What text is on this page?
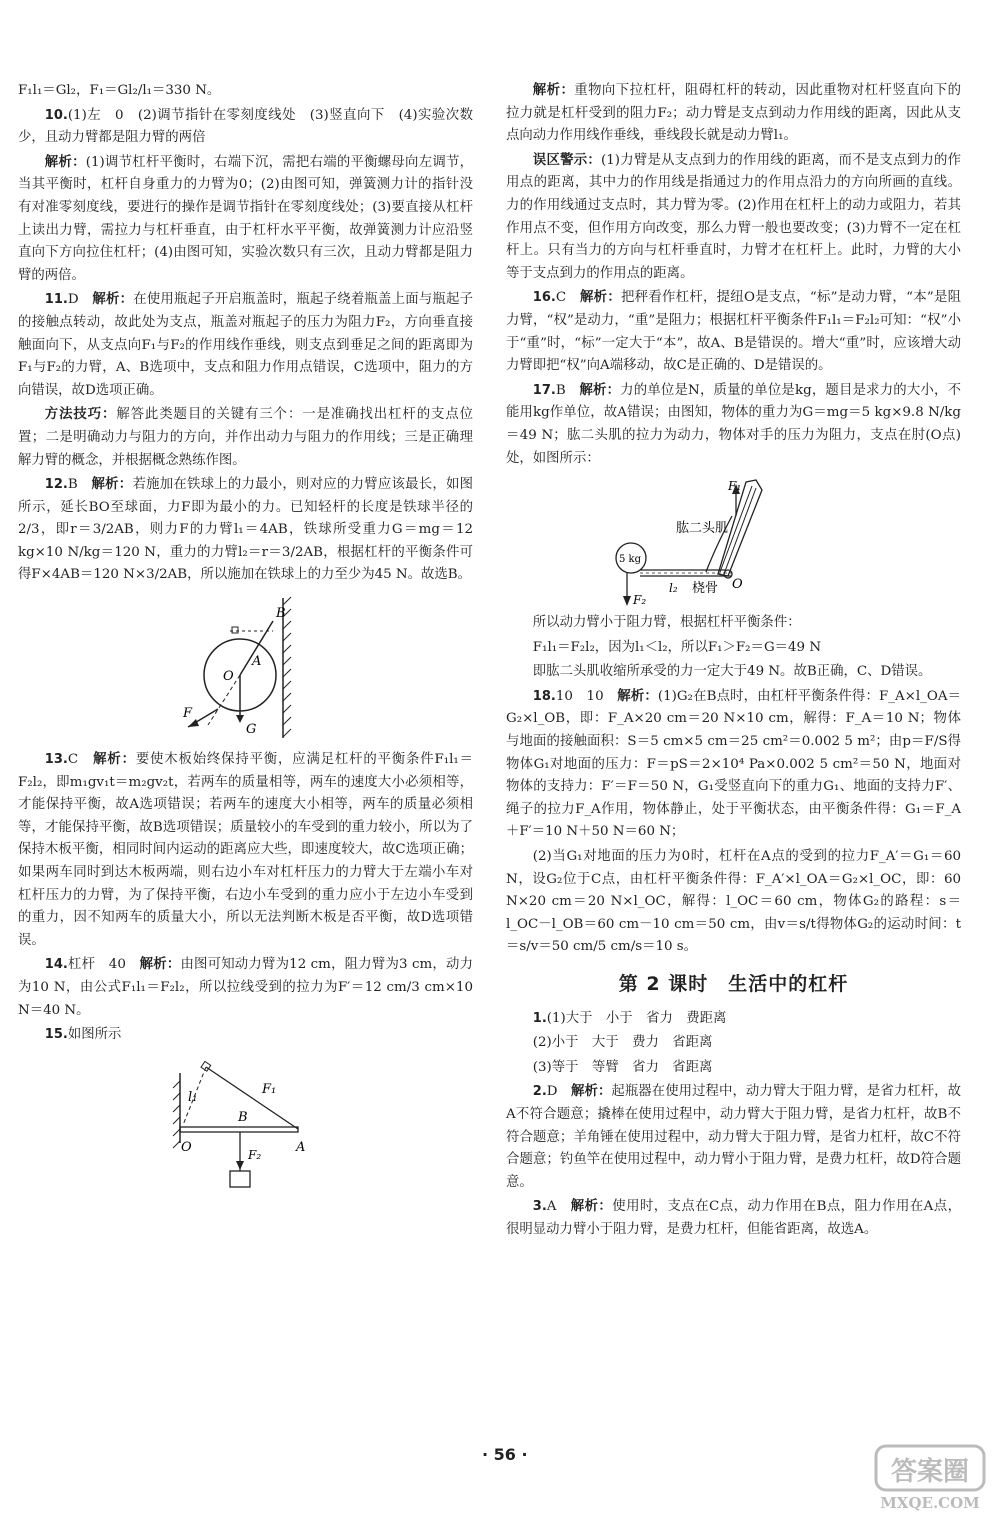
F₁l₁＝Gl₂，F₁＝Gl₂/l₁＝330 N。

10.(1)左　0　(2)调节指针在零刻度线处　(3)竖直向下　(4)实验次数少，且动力臂都是阻力臂的两倍

解析：(1)调节杠杆平衡时，右端下沉，需把右端的平衡螺母向左调节，当其平衡时，杠杆自身重力的力臂为0；(2)由图可知，弹簧测力计的指针没有对准零刻度线，要进行的操作是调节指针在零刻度线处；(3)要直接从杠杆上读出力臂，需拉力与杠杆垂直，由于杠杆水平平衡，故弹簧测力计应沿竖直向下方向拉住杠杆；(4)由图可知，实验次数只有三次，且动力臂都是阻力臂的两倍。

11.D　 解析：在使用瓶起子开启瓶盖时，瓶起子绕着瓶盖上面与瓶起子的接触点转动，故此处为支点，瓶盖对瓶起子的压力为阻力F₂，方向垂直接触面向下，从支点向F₁与F₂的作用线作垂线，则支点到垂足之间的距离即为F₁与F₂的力臂，A、B选项中，支点和阻力作用点错误，C选项中，阻力的方向错误，故D选项正确。

方法技巧：解答此类题目的关键有三个：一是准确找出杠杆的支点位置；二是明确动力与阻力的方向，并作出动力与阻力的作用线；三是正确理解力臂的概念，并根据概念熟练作图。

12.B　 解析：若施加在铁球上的力最小，则对应的力臂应该最长，如图所示，延长BO至球面，力F即为最小的力。已知轻杆的长度是铁球半径的2/3，即r＝3/2AB，则力F的力臂l₁＝4AB，铁球所受重力G＝mg＝12 kg×10 N/kg＝120 N，重力的力臂l₂＝r＝3/2AB，根据杠杆的平衡条件可得F×4AB＝120 N×3/2AB，所以施加在铁球上的力至少为45 N。故选B。

B
O
A
F
G

13.C　 解析：要使木板始终保持平衡，应满足杠杆的平衡条件F₁l₁＝F₂l₂，即m₁gv₁t＝m₂gv₂t，若两车的质量相等，两车的速度大小必须相等，才能保持平衡，故A选项错误；若两车的速度大小相等，两车的质量必须相等，才能保持平衡，故B选项错误；质量较小的车受到的重力较小，所以为了保持木板平衡，相同时间内运动的距离应大些，即速度较大，故C选项正确；如果两车同时到达木板两端，则右边小车对杠杆压力的力臂大于左端小车对杠杆压力的力臂，为了保持平衡，右边小车受到的重力应小于左边小车受到的重力，因不知两车的质量大小，所以无法判断木板是否平衡，故D选项错误。

14.杠杆　40　 解析：由图可知动力臂为12 cm，阻力臂为3 cm，动力为10 N，由公式F₁l₁＝F₂l₂，所以拉线受到的拉力为F′＝12 cm/3 cm×10 N＝40 N。

15.如图所示

l₁
F₁
B
O	A
F₂

解析：重物向下拉杠杆，阻碍杠杆的转动，因此重物对杠杆竖直向下的拉力就是杠杆受到的阻力F₂；动力臂是支点到动力作用线的距离，因此从支点向动力作用线作垂线，垂线段长就是动力臂l₁。

误区警示：(1)力臂是从支点到力的作用线的距离，而不是支点到力的作用点的距离，其中力的作用线是指通过力的作用点沿力的方向所画的直线。力的作用线通过支点时，其力臂为零。(2)作用在杠杆上的动力或阻力，若其作用点不变，但作用方向改变，那么力臂一般也要改变；(3)力臂不一定在杠杆上。只有当力的方向与杠杆垂直时，力臂才在杠杆上。此时，力臂的大小等于支点到力的作用点的距离。

16.C　 解析：把秤看作杠杆，提纽O是支点，“标”是动力臂，“本”是阻力臂，“权”是动力，“重”是阻力；根据杠杆平衡条件F₁l₁＝F₂l₂可知：“权”小于“重”时，“标”一定大于“本”，故A、B是错误的。增大“重”时，应该增大动力臂即把“权”向A端移动，故C是正确的、D是错误的。

17.B　 解析：力的单位是N，质量的单位是kg，题目是求力的大小，不能用kg作单位，故A错误；由图知，物体的重力为G＝mg＝5 kg×9.8 N/kg＝49 N；肱二头肌的拉力为动力，物体对手的压力为阻力，支点在肘(O点)处，如图所示：

F₁
肱二头肌
5 kg
l₂ 桡骨 O
F₂

所以动力臂小于阻力臂，根据杠杆平衡条件：

F₁l₁＝F₂l₂，因为l₁＜l₂，所以F₁＞F₂＝G＝49 N

即肱二头肌收缩所承受的力一定大于49 N。故B正确，C、D错误。

18.10　10　 解析：(1)G₂在B点时，由杠杆平衡条件得：F_A×l_OA＝G₂×l_OB，即：F_A×20 cm＝20 N×10 cm，解得：F_A＝10 N；物体与地面的接触面积：S＝5 cm×5 cm＝25 cm²＝0.002 5 m²；由p＝F/S得物体G₁对地面的压力：F＝pS＝2×10⁴ Pa×0.002 5 cm²＝50 N，地面对物体的支持力：F′＝F＝50 N，G₁受竖直向下的重力G₁、地面的支持力F′、绳子的拉力F_A作用，物体静止，处于平衡状态，由平衡条件得：G₁＝F_A＋F′＝10 N＋50 N＝60 N；

(2)当G₁对地面的压力为0时，杠杆在A点的受到的拉力F_A′＝G₁＝60 N，设G₂位于C点，由杠杆平衡条件得：F_A′×l_OA＝G₂×l_OC，即：60 N×20 cm＝20 N×l_OC，解得：l_OC＝60 cm，物体G₂的路程：s＝l_OC－l_OB＝60 cm－10 cm＝50 cm，由v＝s/t得物体G₂的运动时间：t＝s/v＝50 cm/5 cm/s＝10 s。

第 2 课时　生活中的杠杆

1.(1)大于　小于　省力　费距离

(2)小于　大于　费力　省距离

(3)等于　等臂　省力　省距离

2.D　 解析：起瓶器在使用过程中，动力臂大于阻力臂，是省力杠杆，故A不符合题意；撬棒在使用过程中，动力臂大于阻力臂，是省力杠杆，故B不符合题意；羊角锤在使用过程中，动力臂大于阻力臂，是省力杠杆，故C不符合题意；钓鱼竿在使用过程中，动力臂小于阻力臂，是费力杠杆，故D符合题意。

3.A　 解析：使用时，支点在C点，动力作用在B点，阻力作用在A点，很明显动力臂小于阻力臂，是费力杠杆，但能省距离，故选A。

· 56 ·
答案圈
MXQE.COM
